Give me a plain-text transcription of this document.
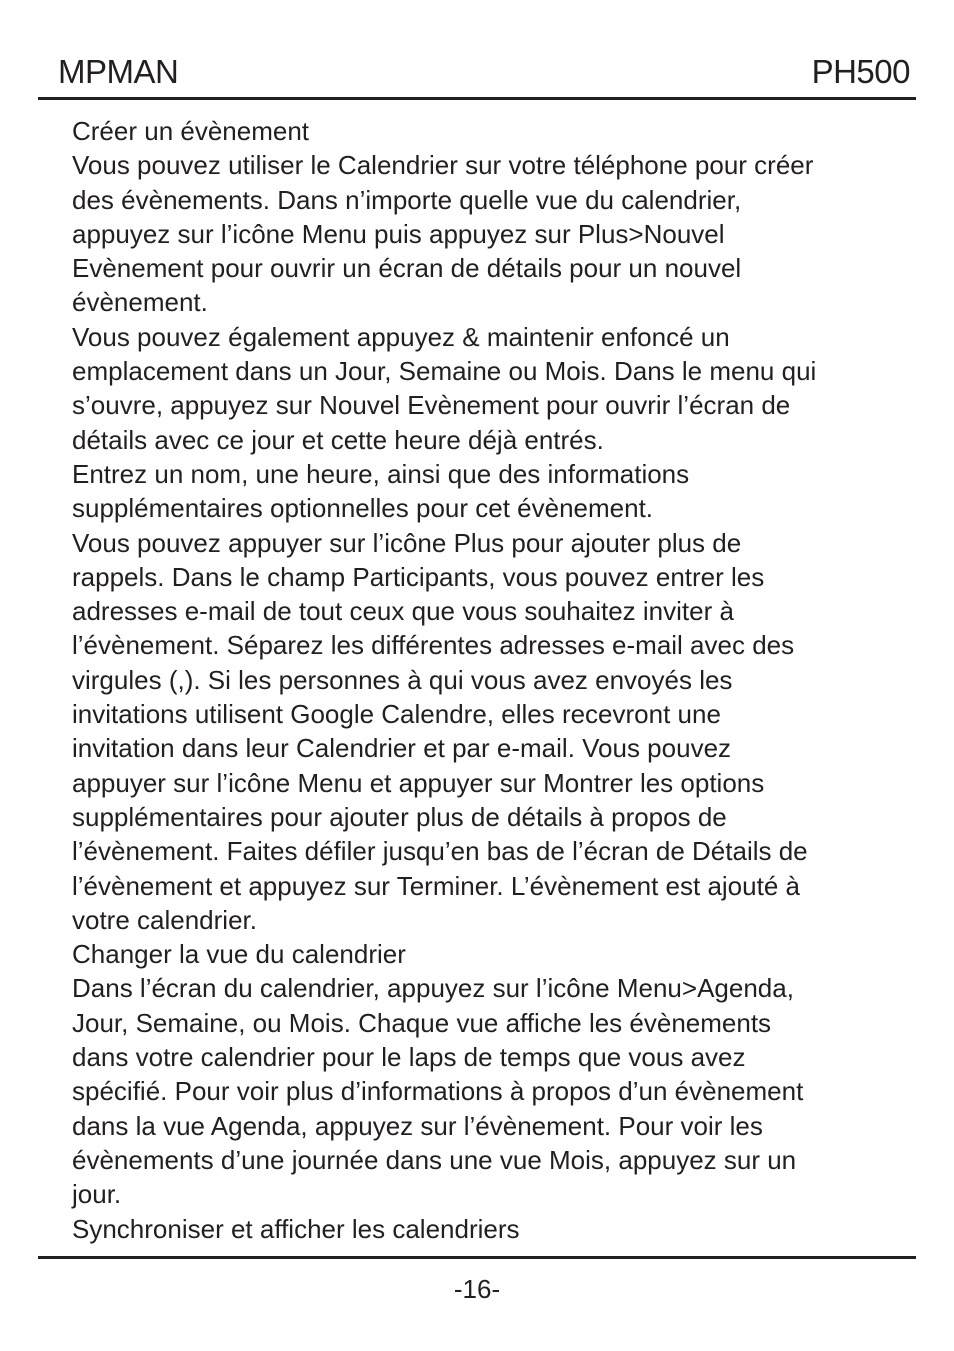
MPMAN	PH500

Créer un évènement

Vous pouvez utiliser le Calendrier sur votre téléphone pour créer
des évènements. Dans n’importe quelle vue du calendrier,
appuyez sur l’icône Menu puis appuyez sur Plus>Nouvel
Evènement pour ouvrir un écran de détails pour un nouvel
évènement.

Vous pouvez également appuyez & maintenir enfoncé un
emplacement dans un Jour, Semaine ou Mois. Dans le menu qui
s’ouvre, appuyez sur Nouvel Evènement pour ouvrir l’écran de
détails avec ce jour et cette heure déjà entrés.

Entrez un nom, une heure, ainsi que des informations
supplémentaires optionnelles pour cet évènement.

Vous pouvez appuyer sur l’icône Plus pour ajouter plus de
rappels. Dans le champ Participants, vous pouvez entrer les
adresses e-mail de tout ceux que vous souhaitez inviter à
l’évènement. Séparez les différentes adresses e-mail avec des
virgules (,). Si les personnes à qui vous avez envoyés les
invitations utilisent Google Calendre, elles recevront une
invitation dans leur Calendrier et par e-mail. Vous pouvez
appuyer sur l’icône Menu et appuyer sur Montrer les options
supplémentaires pour ajouter plus de détails à propos de
l’évènement. Faites défiler jusqu’en bas de l’écran de Détails de
l’évènement et appuyez sur Terminer. L’évènement est ajouté à
votre calendrier.

Changer la vue du calendrier

Dans l’écran du calendrier, appuyez sur l’icône Menu>Agenda,
Jour, Semaine, ou Mois. Chaque vue affiche les évènements
dans votre calendrier pour le laps de temps que vous avez
spécifié. Pour voir plus d’informations à propos d’un évènement
dans la vue Agenda, appuyez sur l’évènement. Pour voir les
évènements d’une journée dans une vue Mois, appuyez sur un
jour.

Synchroniser et afficher les calendriers

-16-
